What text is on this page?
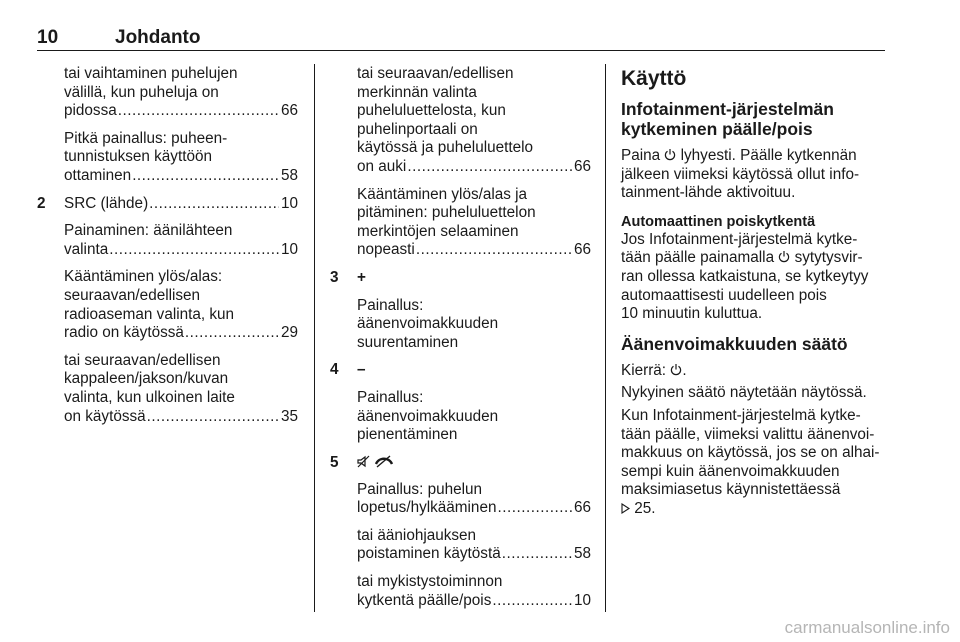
10	Johdanto
tai vaihtaminen puhelujen
välillä, kun puheluja on
pidossa .....	66
Pitkä painallus: puheen-
tunnistuksen käyttöön
ottaminen .....	58
2 SRC (lähde) .....	10
Painaminen: äänilähteen
valinta .....	10
Kääntäminen ylös/alas:
seuraavan/edellisen
radioaseman valinta, kun
radio on käytössä .....	29
tai seuraavan/edellisen
kappaleen/jakson/kuvan
valinta, kun ulkoinen laite
on käytössä .....	35
tai seuraavan/edellisen
merkinnän valinta
puheluluettelosta, kun
puhelinportaali on
käytössä ja puheluluettelo
on auki .....	66
Kääntäminen ylös/alas ja
pitäminen: puheluluettelon
merkintöjen selaaminen
nopeasti .....	66
3 +
Painallus:
äänenvoimakkuuden
suurentaminen
4 –
Painallus:
äänenvoimakkuuden
pienentäminen
5

Painallus: puhelun
lopetus/hylkääminen .....	66
tai ääniohjauksen
poistaminen käytöstä .....	58
tai mykistystoiminnon
kytkentä päälle/pois .....	10
Käyttö
Infotainment-järjestelmän
kytkeminen päälle/pois
Paina lyhyesti. Päälle kytkennän
jälkeen viimeksi käytössä ollut info-
tainment-lähde aktivoituu.
Automaattinen poiskytkentä
Jos Infotainment-järjestelmä kytke-
tään päälle painamalla sytytysvir-
ran ollessa katkaistuna, se kytkeytyy
automaattisesti uudelleen pois
10 minuutin kuluttua.
Äänenvoimakkuuden säätö
Kierrä: .
Nykyinen säätö näytetään näytössä.
Kun Infotainment-järjestelmä kytke-
tään päälle, viimeksi valittu äänenvoi-
makkuus on käytössä, jos se on alhai-
sempi kuin äänenvoimakkuuden
maksimiasetus käynnistettäessä
25.
carmanualsonline.info
